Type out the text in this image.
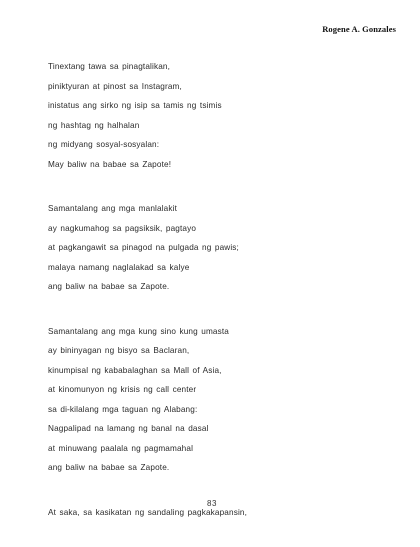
Rogene A. Gonzales
Tinextang tawa sa pinagtalikan,
piniktyuran at pinost sa Instagram,
inistatus ang sirko ng isip sa tamis ng tsimis
ng hashtag ng halhalan
ng midyang sosyal-sosyalan:
May baliw na babae sa Zapote!
Samantalang ang mga manlalakit
ay nagkumahog sa pagsiksik, pagtayo
at pagkangawit sa pinagod na pulgada ng pawis;
malaya namang naglalakad sa kalye
ang baliw na babae sa Zapote.
Samantalang ang mga kung sino kung umasta
ay bininyagan ng bisyo sa Baclaran,
kinumpisal ng kababalaghan sa Mall of Asia,
at kinomunyon ng krisis ng call center
sa di-kilalang mga taguan ng Alabang:
Nagpalipad na lamang ng banal na dasal
at minuwang paalala ng pagmamahal
ang baliw na babae sa Zapote.
At saka, sa kasikatan ng sandaling pagkakapansin,
83
